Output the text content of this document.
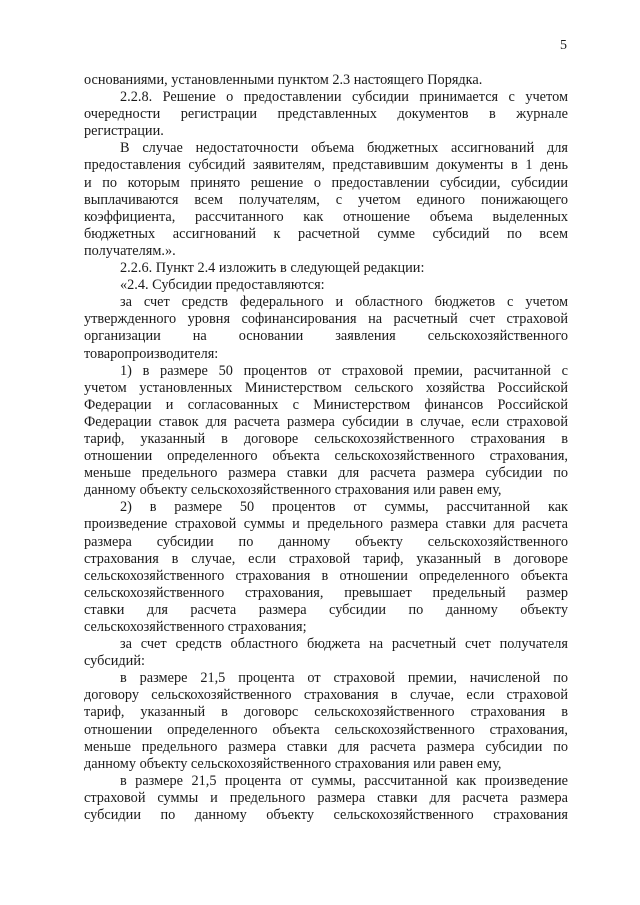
5

основаниями, установленными пунктом 2.3 настоящего Порядка.

2.2.8. Решение о предоставлении субсидии принимается с учетом

очередности регистрации представленных документов в журнале

регистрации.

В случае недостаточности объема бюджетных ассигнований для

предоставления субсидий заявителям, представившим документы в 1 день

и по которым принято решение о предоставлении субсидии, субсидии

выплачиваются всем получателям, с учетом единого понижающего

коэффициента, рассчитанного как отношение объема выделенных

бюджетных ассигнований к расчетной сумме субсидий по всем

получателям.».

2.2.6. Пункт 2.4 изложить в следующей редакции:

«2.4. Субсидии предоставляются:

за счет средств федерального и областного бюджетов с учетом

утвержденного уровня софинансирования на расчетный счет страховой

организации на основании заявления сельскохозяйственного

товаропроизводителя:

1) в размере 50 процентов от страховой премии, расчитанной с

учетом установленных Министерством сельского хозяйства Российской

Федерации и согласованных с Министерством финансов Российской

Федерации ставок для расчета размера субсидии в случае, если страховой

тариф, указанный в договоре сельскохозяйственного страхования в

отношении определенного объекта сельскохозяйственного страхования,

меньше предельного размера ставки для расчета размера субсидии по

данному объекту сельскохозяйственного страхования или равен ему,

2) в размере 50 процентов от суммы, рассчитанной как

произведение страховой суммы и предельного размера ставки для расчета

размера субсидии по данному объекту сельскохозяйственного

страхования в случае, если страховой тариф, указанный в договоре

сельскохозяйственного страхования в отношении определенного объекта

сельскохозяйственного страхования, превышает предельный размер

ставки для расчета размера субсидии по данному объекту

сельскохозяйственного страхования;

за счет средств областного бюджета на расчетный счет получателя

субсидий:

в размере 21,5 процента от страховой премии, начисленой по

договору сельскохозяйственного страхования в случае, если страховой

тариф, указанный в договорс сельскохозяйственного страхования в

отношении определенного объекта сельскохозяйственного страхования,

меньше предельного размера ставки для расчета размера субсидии по

данному объекту сельскохозяйственного страхования или равен ему,

в размере 21,5 процента от суммы, рассчитанной как произведение

страховой суммы и предельного размера ставки для расчета размера

субсидии по данному объекту сельскохозяйственного страхования
